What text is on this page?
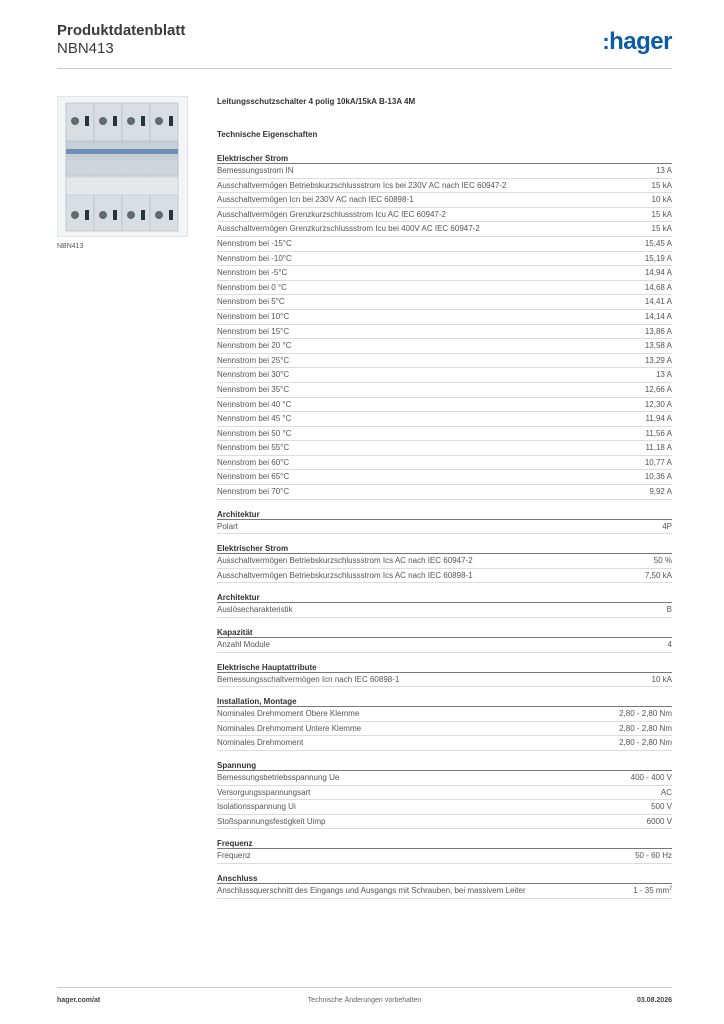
Produktdatenblatt
NBN413	:hager
NBN413
Leitungsschutzschalter 4 polig 10kA/15kA B-13A 4M
Technische Eigenschaften
Elektrischer Strom
Bemessungsstrom IN	13 A
Ausschaltvermögen Betriebskurzschlussstrom Ics bei 230V AC nach IEC 60947-2	15 kA
Ausschaltvermögen Icn bei 230V AC nach IEC 60898-1	10 kA
Ausschaltvermögen Grenzkurzschlussstrom Icu AC IEC 60947-2	15 kA
Ausschaltvermögen Grenzkurzschlussstrom Icu bei 400V AC IEC 60947-2	15 kA
Nennstrom bei -15°C	15,45 A
Nennstrom bei -10°C	15,19 A
Nennstrom bei -5°C	14,94 A
Nennstrom bei 0 °C	14,68 A
Nennstrom bei 5°C	14,41 A
Nennstrom bei 10°C	14,14 A
Nennstrom bei 15°C	13,86 A
Nennstrom bei 20 °C	13,58 A
Nennstrom bei 25°C	13,29 A
Nennstrom bei 30°C	13 A
Nennstrom bei 35°C	12,66 A
Nennstrom bei 40 °C	12,30 A
Nennstrom bei 45 °C	11,94 A
Nennstrom bei 50 °C	11,56 A
Nennstrom bei 55°C	11,18 A
Nennstrom bei 60°C	10,77 A
Nennstrom bei 65°C	10,36 A
Nennstrom bei 70°C	9,92 A
Architektur
Polart	4P
Elektrischer Strom
Ausschaltvermögen Betriebskurzschlussstrom Ics AC nach IEC 60947-2	50 %
Ausschaltvermögen Betriebskurzschlussstrom Ics AC nach IEC 60898-1	7,50 kA
Architektur
Auslösecharakteristik	B
Kapazität
Anzahl Module	4
Elektrische Hauptattribute
Bemessungsschaltvermögen Icn nach IEC 60898-1	10 kA
Installation, Montage
Nominales Drehmoment Obere Klemme	2,80 - 2,80 Nm
Nominales Drehmoment Untere Klemme	2,80 - 2,80 Nm
Nominales Drehmoment	2,80 - 2,80 Nm
Spannung
Bemessungsbetriebsspannung Ue	400 - 400 V
Versorgungsspannungsart	AC
Isolationsspannung Ui	500 V
Stoßspannungsfestigkeit Uimp	6000 V
Frequenz
Frequenz	50 - 60 Hz
Anschluss
Anschlussquerschnitt des Eingangs und Ausgangs mit Schrauben, bei massivem Leiter	1 - 35 $mm^2$
hager.com/at	Technische Änderungen vorbehalten	03.08.2026
